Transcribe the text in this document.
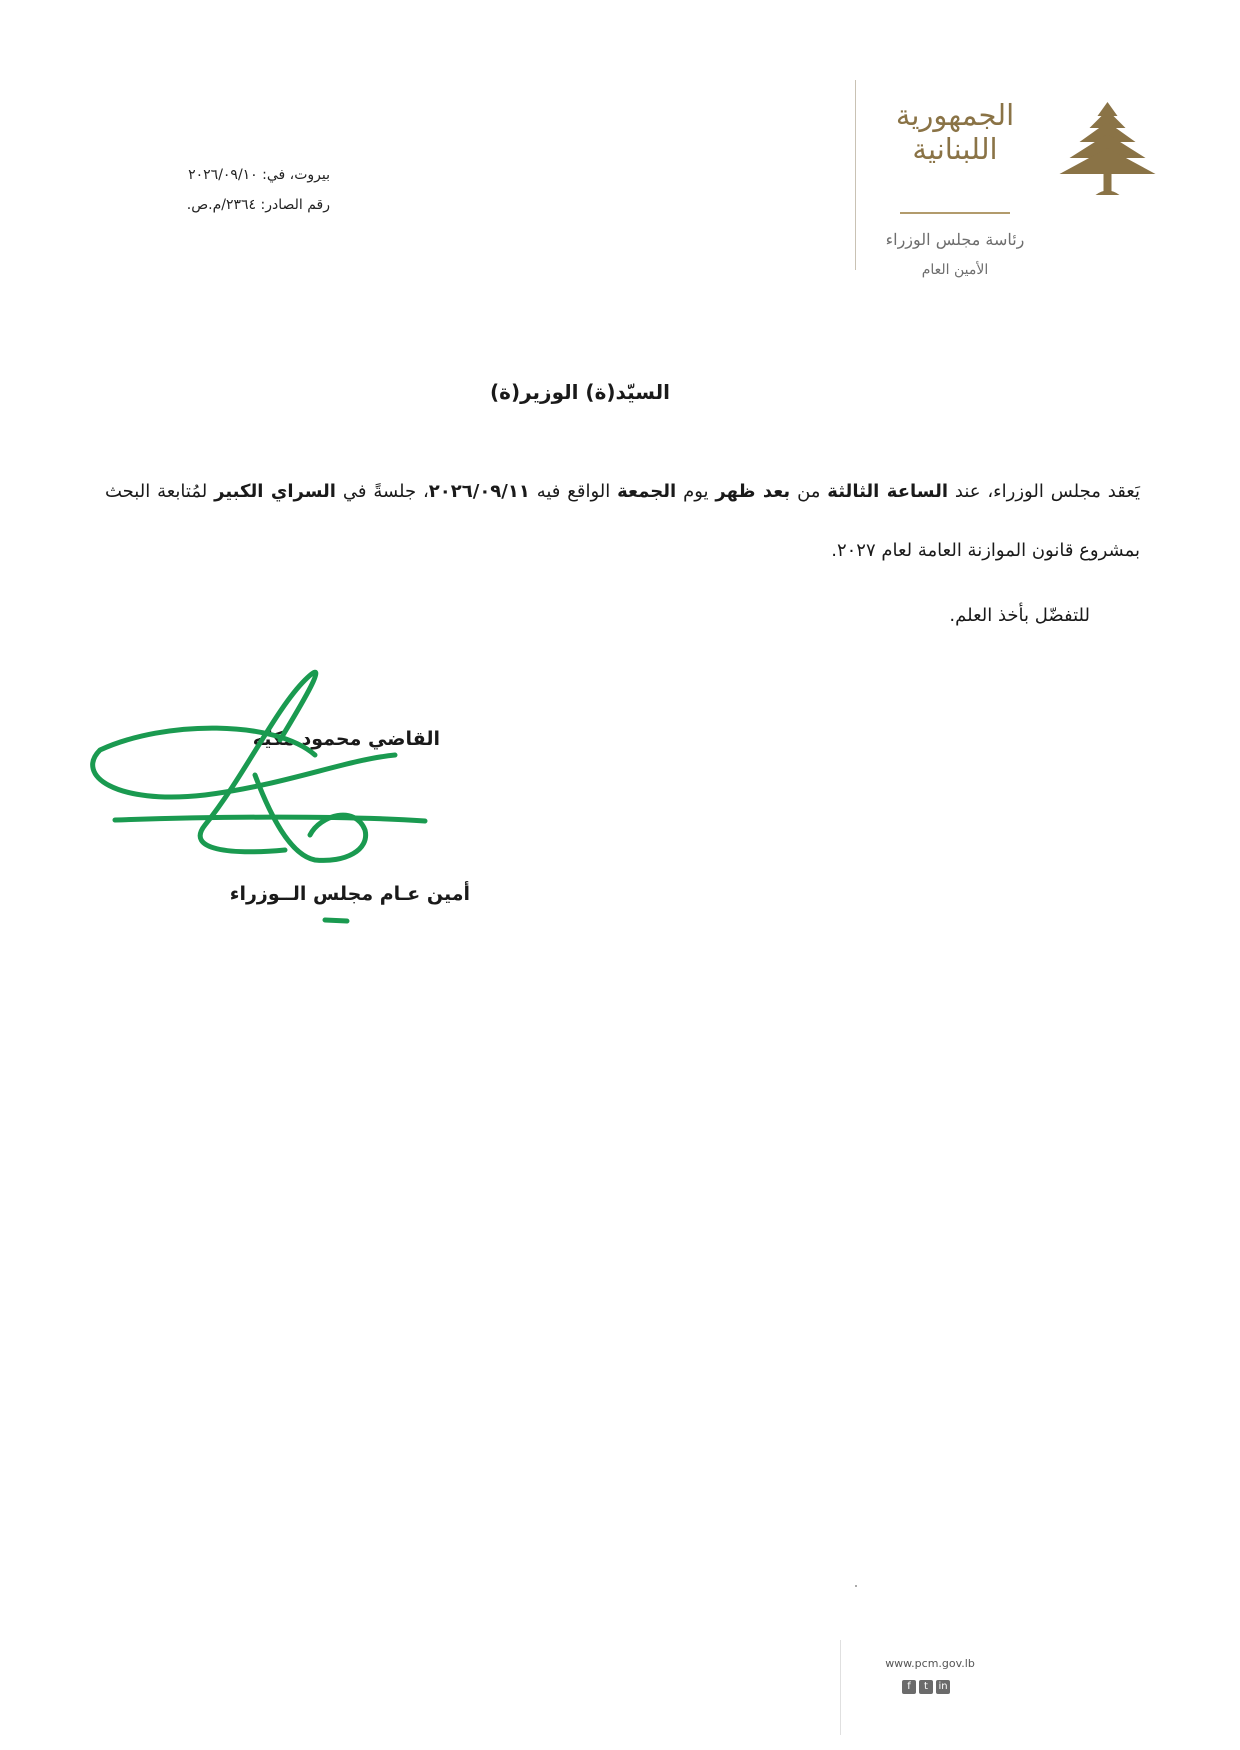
الجمهورية
اللبنانية
رئاسة مجلس الوزراء
الأمين العام
بيروت، في: ٢٠٢٦/٠٩/١٠
رقم الصادر: ٢٣٦٤/م.ص.
السيّد(ة) الوزير(ة)
يَعقد مجلس الوزراء، عند الساعة الثالثة من بعد ظهر يوم الجمعة الواقع فيه ٢٠٢٦/٠٩/١١، جلسةً في السراي الكبير لمُتابعة البحث بمشروع قانون الموازنة العامة لعام ٢٠٢٧.
للتفضّل بأخذ العلم.
القاضي محمود مكيّه
أمين عـام مجلس الــوزراء
www.pcm.gov.lb
f	t	in
